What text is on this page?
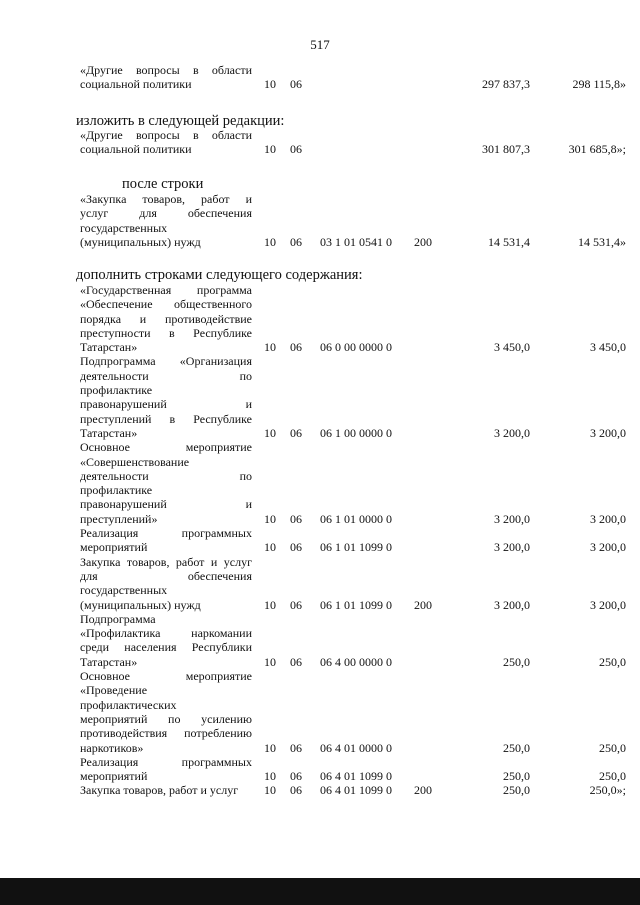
517
изложить в следующей редакции:
после строки
дополнить строками следующего содержания:
«Другие вопросы в области
социальной политики	10	06	297 837,3	298 115,8»
«Другие вопросы в области
социальной политики	10	06	301 807,3	301 685,8»;
«Закупка товаров, работ и
услуг для обеспечения
государственных
(муниципальных) нужд	10	06	03 1 01 0541 0	200	14 531,4	14 531,4»
«Государственная программа
«Обеспечение общественного
порядка и противодействие
преступности в Республике
Татарстан»	10	06	06 0 00 0000 0	3 450,0	3 450,0
Подпрограмма «Организация
деятельности по
профилактике
правонарушений и
преступлений в Республике
Татарстан»	10	06	06 1 00 0000 0	3 200,0	3 200,0
Основное мероприятие
«Совершенствование
деятельности по
профилактике
правонарушений и
преступлений»	10	06	06 1 01 0000 0	3 200,0	3 200,0
Реализация программных
мероприятий	10	06	06 1 01 1099 0	3 200,0	3 200,0
Закупка товаров, работ и услуг
для обеспечения
государственных
(муниципальных) нужд	10	06	06 1 01 1099 0	200	3 200,0	3 200,0
Подпрограмма
«Профилактика наркомании
среди населения Республики
Татарстан»	10	06	06 4 00 0000 0	250,0	250,0
Основное мероприятие
«Проведение
профилактических
мероприятий по усилению
противодействия потреблению
наркотиков»	10	06	06 4 01 0000 0	250,0	250,0
Реализация программных
мероприятий	10	06	06 4 01 1099 0	250,0	250,0
Закупка товаров, работ и услуг	10	06	06 4 01 1099 0	200	250,0	250,0»;
